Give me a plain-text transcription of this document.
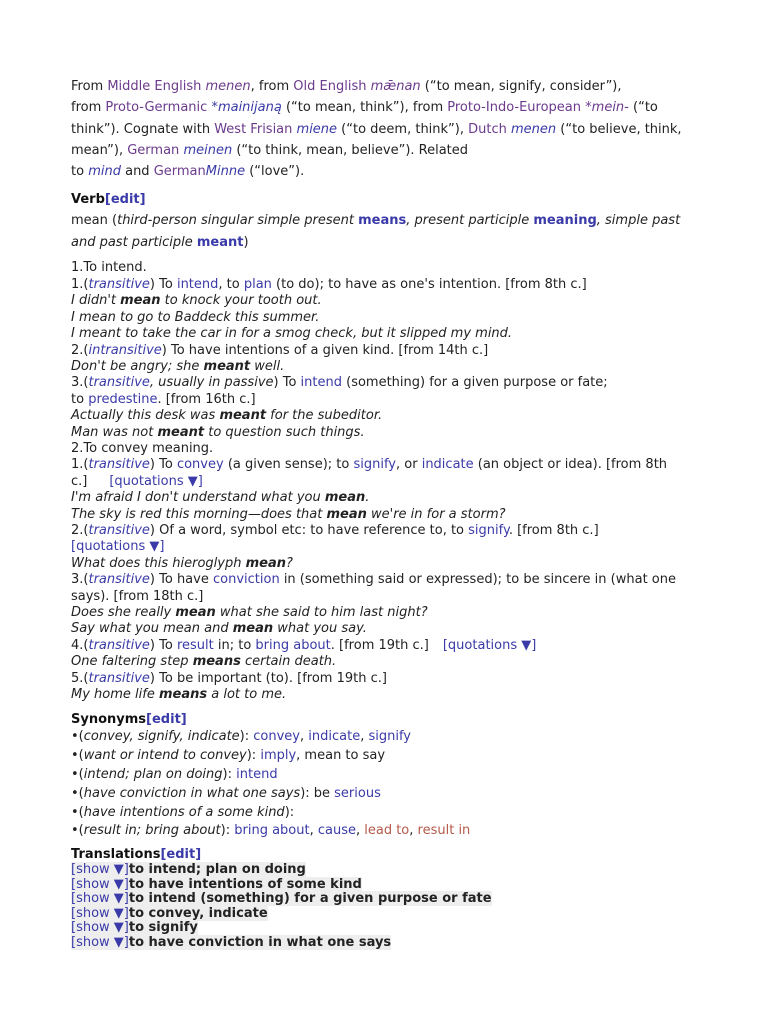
From Middle English menen, from Old English mǣnan (“to mean, signify, consider”),

from Proto-Germanic *mainijaną (“to mean, think”), from Proto-Indo-European *mein- (“to

think”). Cognate with West Frisian miene (“to deem, think”), Dutch menen (“to believe, think,

mean”), German meinen (“to think, mean, believe”). Related

to mind and GermanMinne (“love”).

Verb[edit]

mean (third-person singular simple present means, present participle meaning, simple past

and past participle meant)

1.To intend.

1.(transitive) To intend, to plan (to do); to have as one's intention. [from 8th c.]

I didn't mean to knock your tooth out.

I mean to go to Baddeck this summer.

I meant to take the car in for a smog check, but it slipped my mind.

2.(intransitive) To have intentions of a given kind. [from 14th c.]

Don't be angry; she meant well.

3.(transitive, usually in passive) To intend (something) for a given purpose or fate;

to predestine. [from 16th c.]

Actually this desk was meant for the subeditor.

Man was not meant to question such things.

2.To convey meaning.

1.(transitive) To convey (a given sense); to signify, or indicate (an object or idea). [from 8th

c.] [quotations ▼]

I'm afraid I don't understand what you mean.

The sky is red this morning—does that mean we're in for a storm?

2.(transitive) Of a word, symbol etc: to have reference to, to signify. [from 8th c.]

[quotations ▼]

What does this hieroglyph mean?

3.(transitive) To have conviction in (something said or expressed); to be sincere in (what one

says). [from 18th c.]

Does she really mean what she said to him last night?

Say what you mean and mean what you say.

4.(transitive) To result in; to bring about. [from 19th c.] [quotations ▼]

One faltering step means certain death.

5.(transitive) To be important (to). [from 19th c.]

My home life means a lot to me.

Synonyms[edit]

•(convey, signify, indicate): convey, indicate, signify

•(want or intend to convey): imply, mean to say

•(intend; plan on doing): intend

•(have conviction in what one says): be serious

•(have intentions of a some kind):

•(result in; bring about): bring about, cause, lead to, result in

Translations[edit]

[show ▼]to intend; plan on doing

[show ▼]to have intentions of some kind

[show ▼]to intend (something) for a given purpose or fate

[show ▼]to convey, indicate

[show ▼]to signify

[show ▼]to have conviction in what one says
